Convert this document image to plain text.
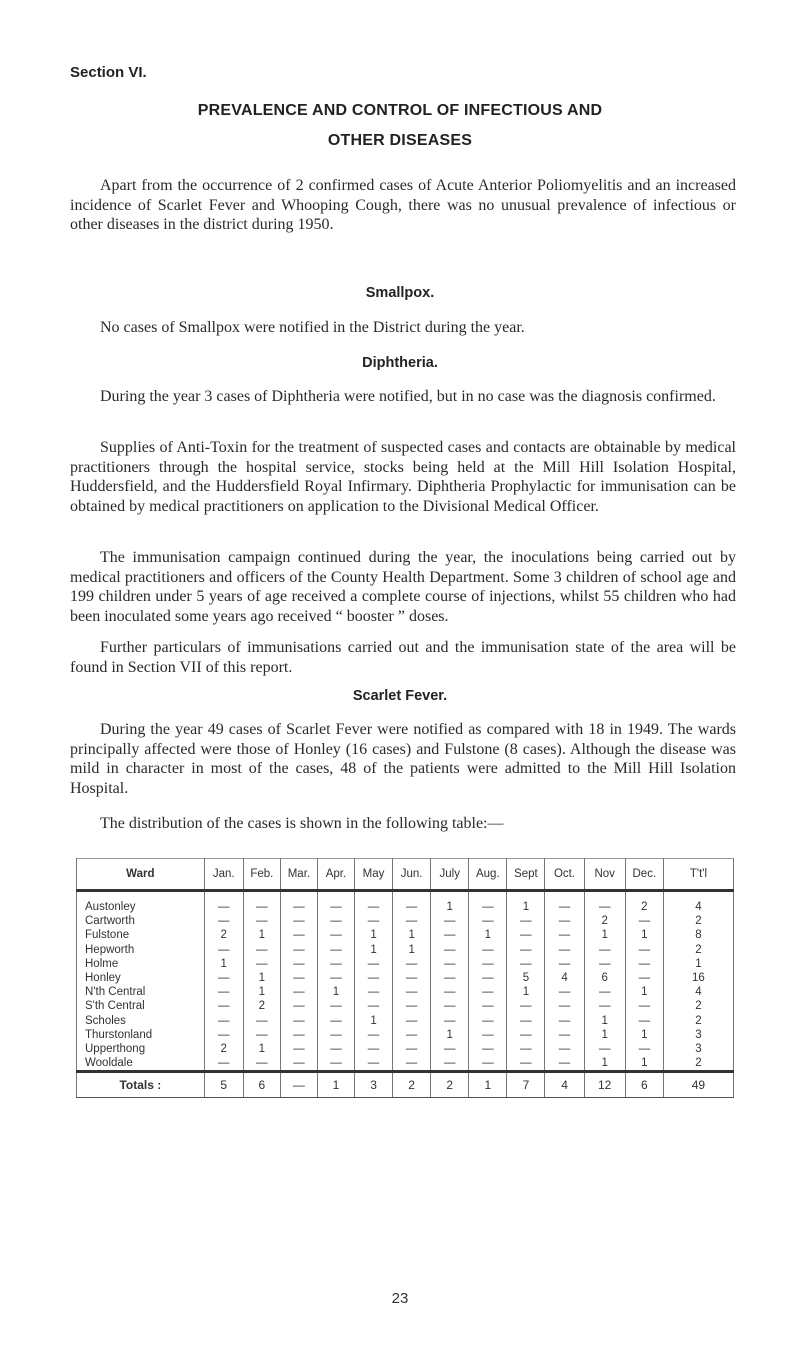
Section VI.
PREVALENCE AND CONTROL OF INFECTIOUS AND
OTHER DISEASES

Apart from the occurrence of 2 confirmed cases of Acute Anterior Poliomyelitis and an increased incidence of Scarlet Fever and Whooping Cough, there was no unusual prevalence of infectious or other diseases in the district during 1950.

Smallpox.

No cases of Smallpox were notified in the District during the year.

Diphtheria.

During the year 3 cases of Diphtheria were notified, but in no case was the diagnosis confirmed.

Supplies of Anti-Toxin for the treatment of suspected cases and contacts are obtainable by medical practitioners through the hospital service, stocks being held at the Mill Hill Isolation Hospital, Huddersfield, and the Huddersfield Royal Infirmary. Diphtheria Prophylactic for immunisation can be obtained by medical practitioners on application to the Divisional Medical Officer.

The immunisation campaign continued during the year, the inoculations being carried out by medical practitioners and officers of the County Health Department. Some 3 children of school age and 199 children under 5 years of age received a complete course of injections, whilst 55 children who had been inoculated some years ago received “ booster ” doses.

Further particulars of immunisations carried out and the immunisation state of the area will be found in Section VII of this report.

Scarlet Fever.

During the year 49 cases of Scarlet Fever were notified as compared with 18 in 1949. The wards principally affected were those of Honley (16 cases) and Fulstone (8 cases). Although the disease was mild in character in most of the cases, 48 of the patients were admitted to the Mill Hill Isolation Hospital.

The distribution of the cases is shown in the following table:—

Ward	Jan.	Feb.	Mar.	Apr.	May	Jun.	July	Aug.	Sept	Oct.	Nov	Dec.	T't'l
Austonley	—	—	—	—	—	—	1	—	1	—	—	2	4
Cartworth	—	—	—	—	—	—	—	—	—	—	2	—	2
Fulstone	2	1	—	—	1	1	—	1	—	—	1	1	8
Hepworth	—	—	—	—	1	1	—	—	—	—	—	—	2
Holme	1	—	—	—	—	—	—	—	—	—	—	—	1
Honley	—	1	—	—	—	—	—	—	5	4	6	—	16
N'th Central	—	1	—	1	—	—	—	—	1	—	—	1	4
S'th Central	—	2	—	—	—	—	—	—	—	—	—	—	2
Scholes	—	—	—	—	1	—	—	—	—	—	1	—	2
Thurstonland	—	—	—	—	—	—	1	—	—	—	1	1	3
Upperthong	2	1	—	—	—	—	—	—	—	—	—	—	3
Wooldale	—	—	—	—	—	—	—	—	—	—	1	1	2
Totals :	5	6	—	1	3	2	2	1	7	4	12	6	49
23
